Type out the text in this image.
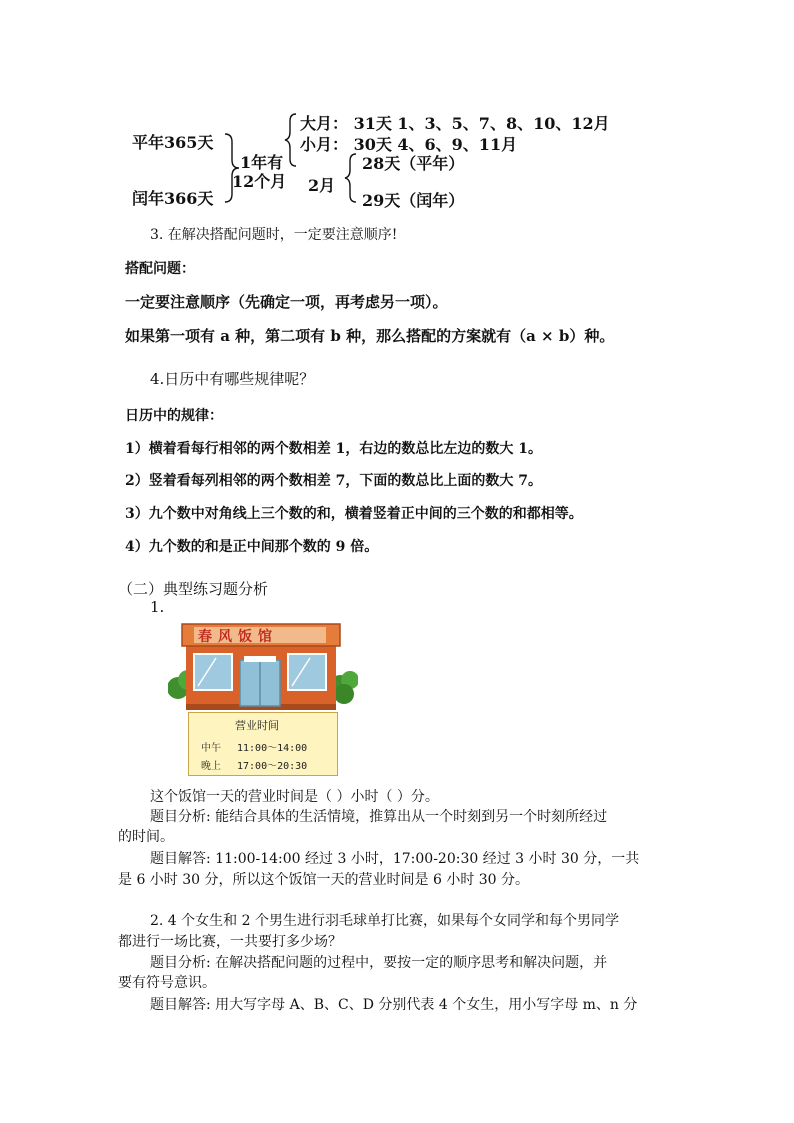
平年365天
闰年366天
1年有
12个月
大月： 31天 1、3、5、7、8、10、12月
小月： 30天 4、6、9、11月
2月
28天（平年）
29天（闰年）
3. 在解决搭配问题时，一定要注意顺序!
搭配问题：
一定要注意顺序（先确定一项，再考虑另一项）。
如果第一项有 a 种，第二项有 b 种，那么搭配的方案就有（a × b）种。
4.日历中有哪些规律呢？
日历中的规律：
1）横着看每行相邻的两个数相差 1，右边的数总比左边的数大 1。
2）竖着看每列相邻的两个数相差 7，下面的数总比上面的数大 7。
3）九个数中对角线上三个数的和，横着竖着正中间的三个数的和都相等。
4）九个数的和是正中间那个数的 9 倍。
（二）典型练习题分析
1.
春风饭馆
营业时间
中午 11:00～14:00
晚上 17:00～20:30
这个饭馆一天的营业时间是（ ）小时（ ）分。
题目分析: 能结合具体的生活情境，推算出从一个时刻到另一个时刻所经过
的时间。
题目解答: 11:00-14:00 经过 3 小时，17:00-20:30 经过 3 小时 30 分，一共
是 6 小时 30 分，所以这个饭馆一天的营业时间是 6 小时 30 分。
2. 4 个女生和 2 个男生进行羽毛球单打比赛，如果每个女同学和每个男同学
都进行一场比赛，一共要打多少场？
题目分析: 在解决搭配问题的过程中，要按一定的顺序思考和解决问题，并
要有符号意识。
题目解答: 用大写字母 A、B、C、D 分别代表 4 个女生，用小写字母 m、n 分
